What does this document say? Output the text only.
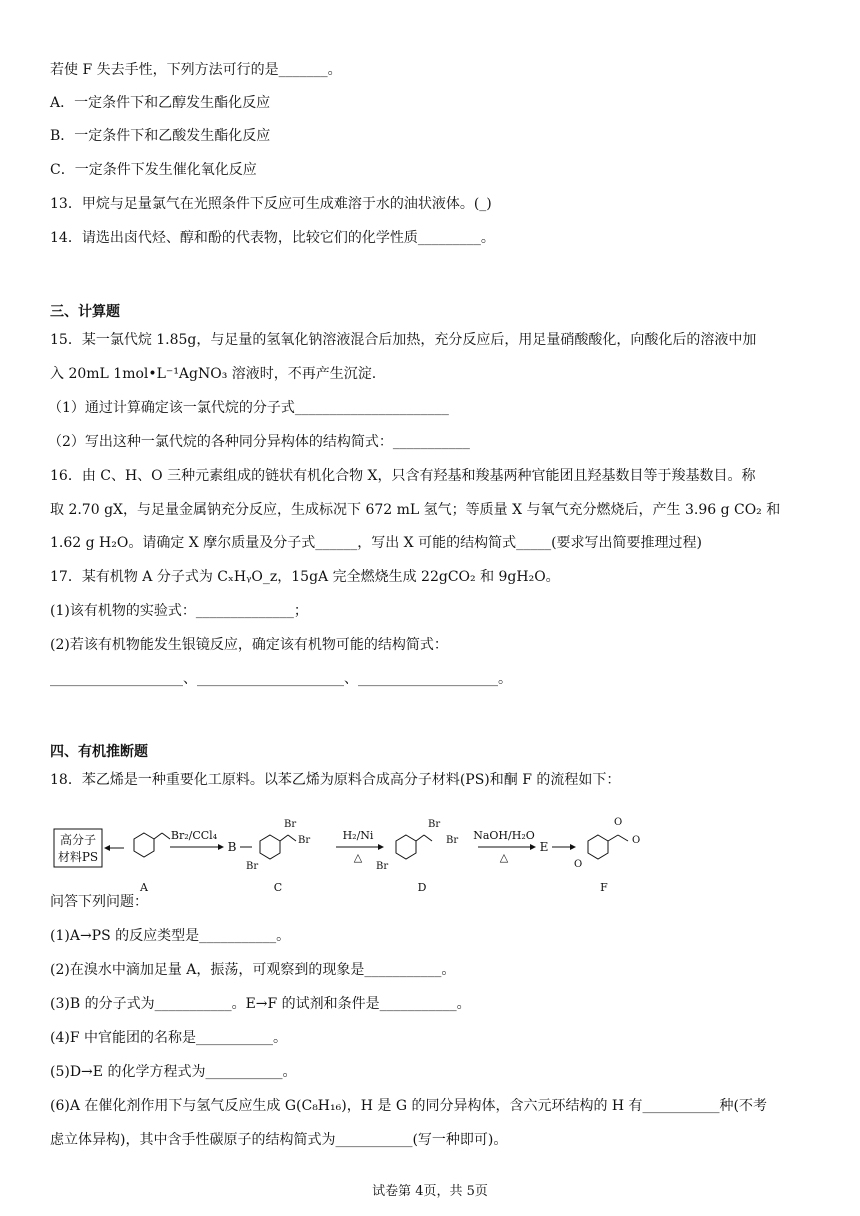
若使 F 失去手性，下列方法可行的是_______。
A．一定条件下和乙醇发生酯化反应
B．一定条件下和乙酸发生酯化反应
C．一定条件下发生催化氧化反应
13．甲烷与足量氯气在光照条件下反应可生成难溶于水的油状液体。(_)
14．请选出卤代烃、醇和酚的代表物，比较它们的化学性质_________。
三、计算题
15．某一氯代烷 1.85g，与足量的氢氧化钠溶液混合后加热，充分反应后，用足量硝酸酸化，向酸化后的溶液中加
入 20mL 1mol•L⁻¹AgNO₃ 溶液时，不再产生沉淀.
（1）通过计算确定该一氯代烷的分子式______________________
（2）写出这种一氯代烷的各种同分异构体的结构简式：___________
16．由 C、H、O 三种元素组成的链状有机化合物 X，只含有羟基和羧基两种官能团且羟基数目等于羧基数目。称
取 2.70 gX，与足量金属钠充分反应，生成标况下 672 mL 氢气；等质量 X 与氧气充分燃烧后，产生 3.96 g CO₂ 和
1.62 g H₂O。请确定 X 摩尔质量及分子式______，写出 X 可能的结构简式_____(要求写出简要推理过程)
17．某有机物 A 分子式为 CₓHᵧO_z，15gA 完全燃烧生成 22gCO₂ 和 9gH₂O。
(1)该有机物的实验式：______________；
(2)若该有机物能发生银镜反应，确定该有机物可能的结构简式：
___________________、_____________________、____________________。
四、有机推断题
18．苯乙烯是一种重要化工原料。以苯乙烯为原料合成高分子材料(PS)和酮 F 的流程如下：
高分子
材料PS
A
Br₂/CCl₄
B
Br
Br
Br
C
H₂/Ni
△
Br
Br
Br
D
NaOH/H₂O
△
E
O
O
O
F
问答下列问题：
(1)A→PS 的反应类型是___________。
(2)在溴水中滴加足量 A，振荡，可观察到的现象是___________。
(3)B 的分子式为___________。E→F 的试剂和条件是___________。
(4)F 中官能团的名称是___________。
(5)D→E 的化学方程式为___________。
(6)A 在催化剂作用下与氢气反应生成 G(C₈H₁₆)，H 是 G 的同分异构体，含六元环结构的 H 有___________种(不考
虑立体异构)，其中含手性碳原子的结构简式为___________(写一种即可)。
试卷第 4页，共 5页
